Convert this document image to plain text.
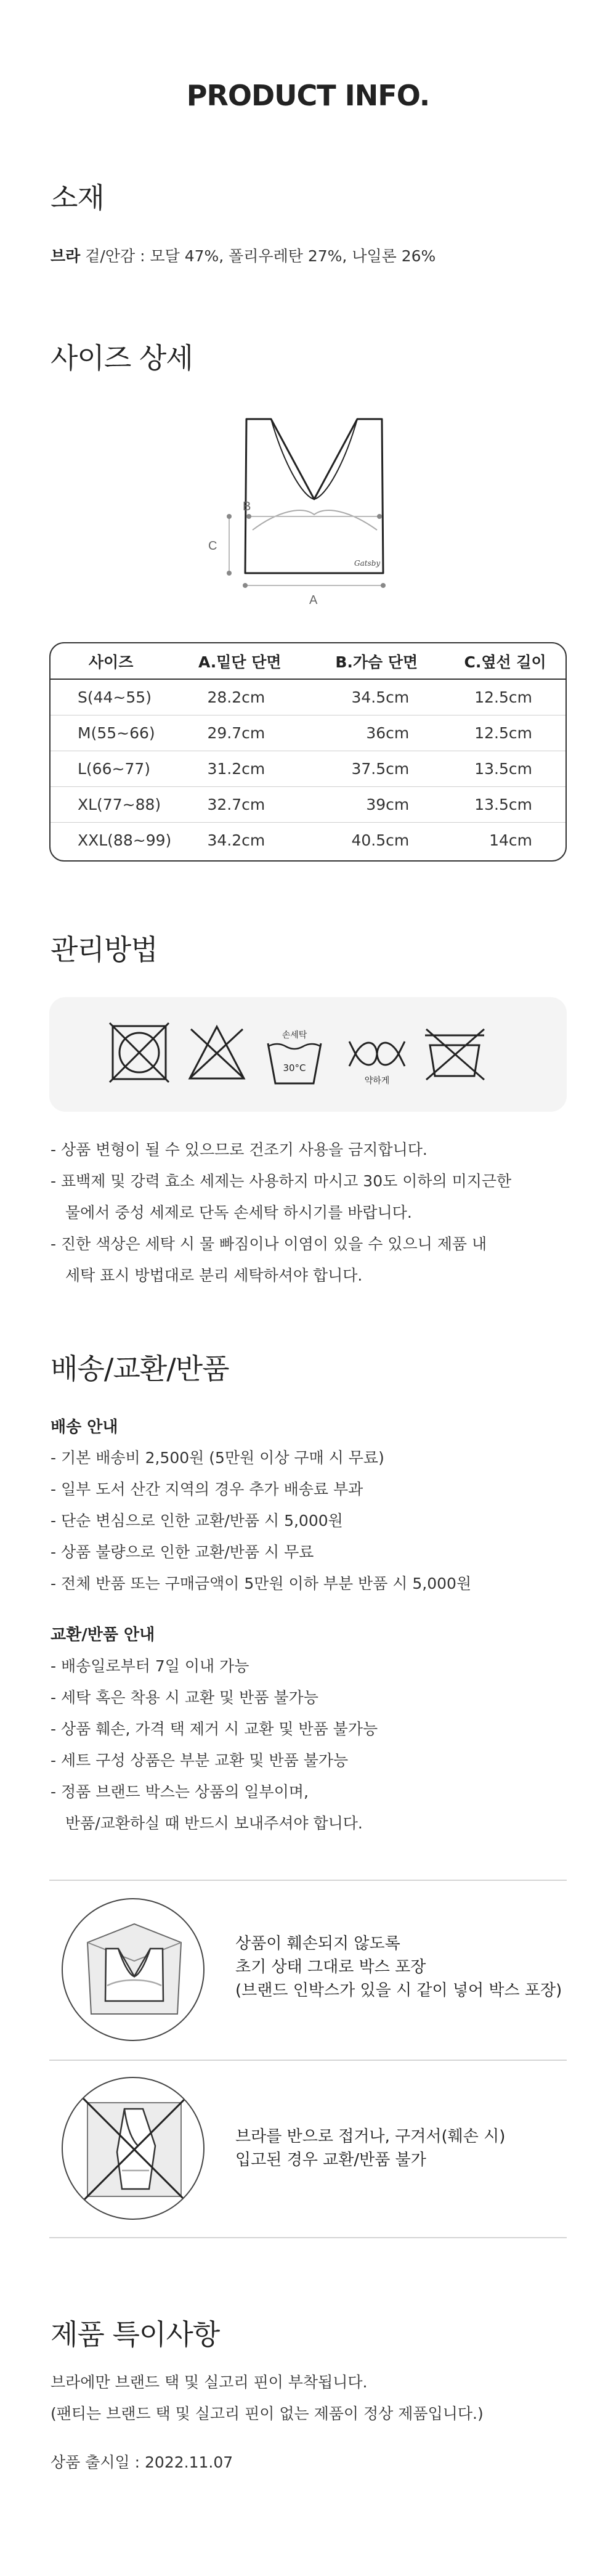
PRODUCT INFO.
소재
브라 겉/안감 : 모달 47%, 폴리우레탄 27%, 나일론 26%
사이즈 상세
B
C
A
Gatsby
사이즈	A.밑단 단면	B.가슴 단면	C.옆선 길이
S(44~55)	28.2cm	34.5cm	12.5cm
M(55~66)	29.7cm	36cm	12.5cm
L(66~77)	31.2cm	37.5cm	13.5cm
XL(77~88)	32.7cm	39cm	13.5cm
XXL(88~99)	34.2cm	40.5cm	14cm
관리방법
손세탁
30°C
약하게
- 상품 변형이 될 수 있으므로 건조기 사용을 금지합니다.
- 표백제 및 강력 효소 세제는 사용하지 마시고 30도 이하의 미지근한
물에서 중성 세제로 단독 손세탁 하시기를 바랍니다.
- 진한 색상은 세탁 시 물 빠짐이나 이염이 있을 수 있으니 제품 내
세탁 표시 방법대로 분리 세탁하셔야 합니다.
배송/교환/반품
배송 안내
- 기본 배송비 2,500원 (5만원 이상 구매 시 무료)
- 일부 도서 산간 지역의 경우 추가 배송료 부과
- 단순 변심으로 인한 교환/반품 시 5,000원
- 상품 불량으로 인한 교환/반품 시 무료
- 전체 반품 또는 구매금액이 5만원 이하 부분 반품 시 5,000원
교환/반품 안내
- 배송일로부터 7일 이내 가능
- 세탁 혹은 착용 시 교환 및 반품 불가능
- 상품 훼손, 가격 택 제거 시 교환 및 반품 불가능
- 세트 구성 상품은 부분 교환 및 반품 불가능
- 정품 브랜드 박스는 상품의 일부이며,
반품/교환하실 때 반드시 보내주셔야 합니다.
상품이 훼손되지 않도록
초기 상태 그대로 박스 포장
(브랜드 인박스가 있을 시 같이 넣어 박스 포장)
브라를 반으로 접거나, 구겨서(훼손 시)
입고된 경우 교환/반품 불가
제품 특이사항
브라에만 브랜드 택 및 실고리 핀이 부착됩니다.
(팬티는 브랜드 택 및 실고리 핀이 없는 제품이 정상 제품입니다.)
상품 출시일 : 2022.11.07
